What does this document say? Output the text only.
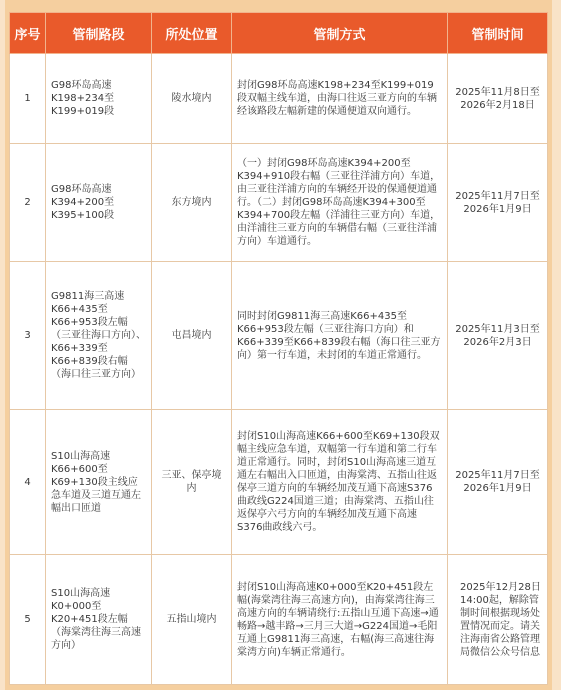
序号	管制路段	所处位置	管制方式	管制时间
1	G98环岛高速K198+234至K199+019段	陵水境内	封闭G98环岛高速K198+234至K199+019段双幅主线车道，由海口往返三亚方向的车辆经该路段左幅新建的保通便道双向通行。	2025年11月8日至2026年2月18日
2	G98环岛高速K394+200至K395+100段	东方境内	（一）封闭G98环岛高速K394+200至K394+910段右幅（三亚往洋浦方向）车道，由三亚往洋浦方向的车辆经开设的保通便道通行。（二）封闭G98环岛高速K394+300至K394+700段左幅（洋浦往三亚方向）车道，由洋浦往三亚方向的车辆借右幅（三亚往洋浦方向）车道通行。	2025年11月7日至2026年1月9日
3	G9811海三高速K66+435至K66+953段左幅（三亚往海口方向）、K66+339至K66+839段右幅（海口往三亚方向）	屯昌境内	同时封闭G9811海三高速K66+435至K66+953段左幅（三亚往海口方向）和K66+339至K66+839段右幅（海口往三亚方向）第一行车道，未封闭的车道正常通行。	2025年11月3日至2026年2月3日
4	S10山海高速K66+600至K69+130段主线应急车道及三道互通左幅出口匝道	三亚、保亭境内	封闭S10山海高速K66+600至K69+130段双幅主线应急车道，双幅第一行车道和第二行车道正常通行。同时，封闭S10山海高速三道互通左右幅出入口匝道，由海棠湾、五指山往返保亭三道方向的车辆经加茂互通下高速S376曲政线G224国道三道；由海棠湾、五指山往返保亭六弓方向的车辆经加茂互通下高速S376曲政线六弓。	2025年11月7日至2026年1月9日
5	S10山海高速K0+000至K20+451段左幅（海棠湾往海三高速方向）	五指山境内	封闭S10山海高速K0+000至K20+451段左幅(海棠湾往海三高速方向)，由海棠湾往海三高速方向的车辆请绕行:五指山互通下高速→通畅路→越丰路→三月三大道→G224国道→毛阳互通上G9811海三高速，右幅(海三高速往海棠湾方向)车辆正常通行。	2025年12月28日14:00起，解除管制时间根据现场处置情况而定。请关注海南省公路管理局微信公众号信息
